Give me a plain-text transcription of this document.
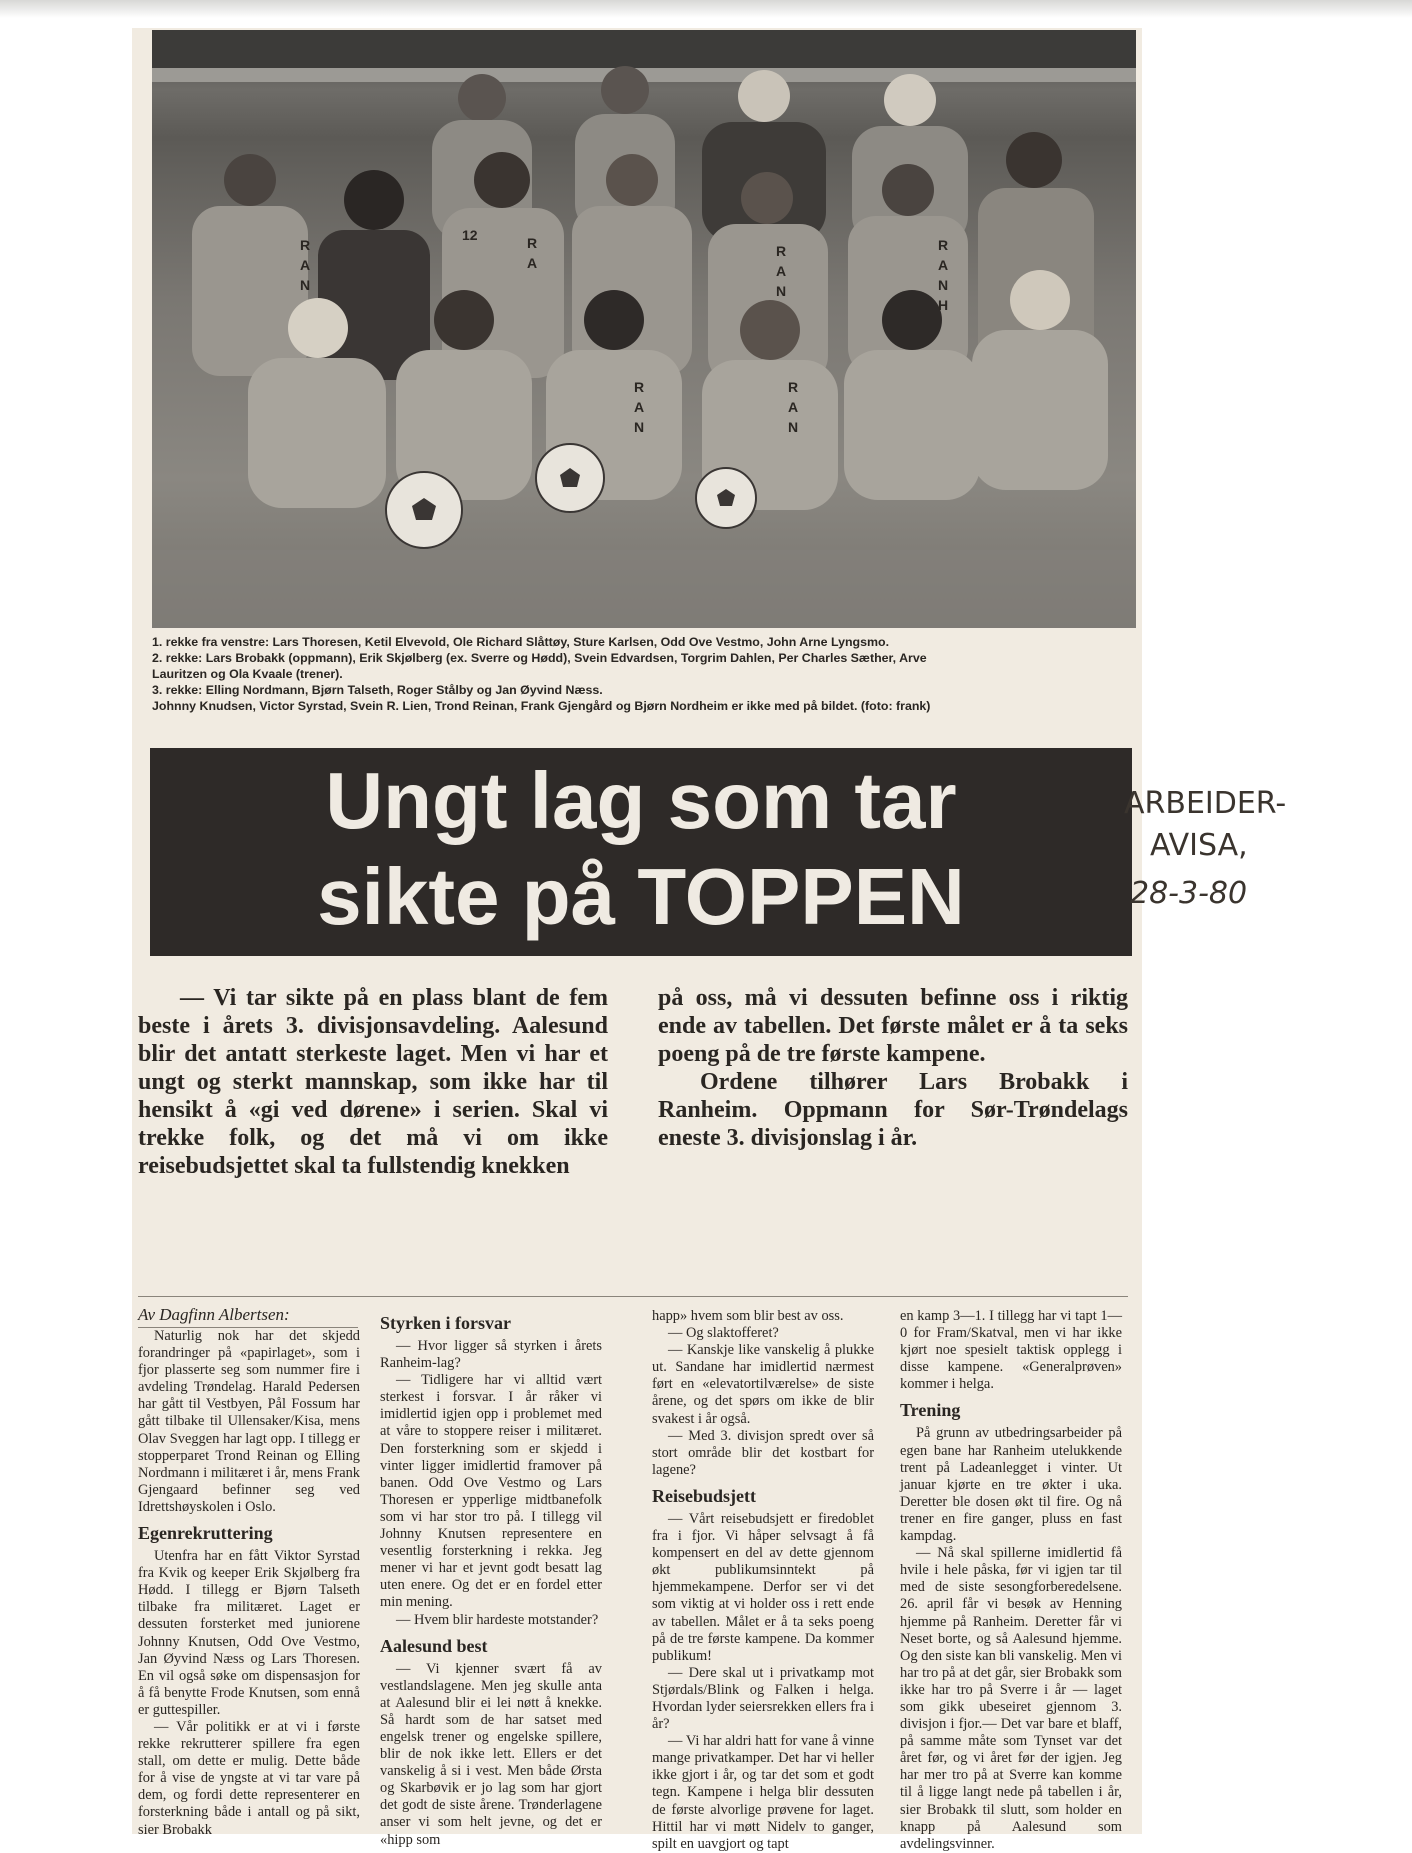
R
A
N
12	R
A
R
A
N
R
A
N
H
R
A
N
R
A
N
1. rekke fra venstre: Lars Thoresen, Ketil Elvevold, Ole Richard Slåttøy, Sture Karlsen, Odd Ove Vestmo, John Arne Lyngsmo.
2. rekke: Lars Brobakk (oppmann), Erik Skjølberg (ex. Sverre og Hødd), Svein Edvardsen, Torgrim Dahlen, Per Charles Sæther, Arve
Lauritzen og Ola Kvaale (trener).
3. rekke: Elling Nordmann, Bjørn Talseth, Roger Stålby og Jan Øyvind Næss.
Johnny Knudsen, Victor Syrstad, Svein R. Lien, Trond Reinan, Frank Gjengård og Bjørn Nordheim er ikke med på bildet. (foto: frank)
Ungt lag som tar
sikte på TOPPEN
ARBEIDER-
AVISA,
28-3-80

— Vi tar sikte på en plass blant de fem beste i årets 3. divisjonsavdeling. Aalesund blir det antatt sterkeste laget. Men vi har et ungt og sterkt mannskap, som ikke har til hensikt å «gi ved dørene» i serien. Skal vi trekke folk, og det må vi om ikke reisebudsjettet skal ta fullstendig knekken

på oss, må vi dessuten befinne oss i riktig ende av tabellen. Det første målet er å ta seks poeng på de tre første kampene.

Ordene tilhører Lars Brobakk i Ranheim. Oppmann for Sør-Trøndelags eneste 3. divisjonslag i år.

Av Dagfinn Albertsen:

Naturlig nok har det skjedd forandringer på «papirlaget», som i fjor plasserte seg som nummer fire i avdeling Trøndelag. Harald Pedersen har gått til Vestbyen, Pål Fossum har gått tilbake til Ullensaker/Kisa, mens Olav Sveggen har lagt opp. I tillegg er stopperparet Trond Reinan og Elling Nordmann i militæret i år, mens Frank Gjengaard befinner seg ved Idrettshøyskolen i Oslo.

Egenrekruttering

Utenfra har en fått Viktor Syrstad fra Kvik og keeper Erik Skjølberg fra Hødd. I tillegg er Bjørn Talseth tilbake fra militæret. Laget er dessuten forsterket med juniorene Johnny Knutsen, Odd Ove Vestmo, Jan Øyvind Næss og Lars Thoresen. En vil også søke om dispensasjon for å få benytte Frode Knutsen, som ennå er guttespiller.

— Vår politikk er at vi i første rekke rekrutterer spillere fra egen stall, om dette er mulig. Dette både for å vise de yngste at vi tar vare på dem, og fordi dette representerer en forsterkning både i antall og på sikt, sier Brobakk

Styrken i forsvar

— Hvor ligger så styrken i årets Ranheim-lag?

— Tidligere har vi alltid vært sterkest i forsvar. I år råker vi imidlertid igjen opp i problemet med at våre to stoppere reiser i militæret. Den forsterkning som er skjedd i vinter ligger imidlertid framover på banen. Odd Ove Vestmo og Lars Thoresen er ypperlige midtbanefolk som vi har stor tro på. I tillegg vil Johnny Knutsen representere en vesentlig forsterkning i rekka. Jeg mener vi har et jevnt godt besatt lag uten enere. Og det er en fordel etter min mening.

— Hvem blir hardeste motstander?

Aalesund best

— Vi kjenner svært få av vestlandslagene. Men jeg skulle anta at Aalesund blir ei lei nøtt å knekke. Så hardt som de har satset med engelsk trener og engelske spillere, blir de nok ikke lett. Ellers er det vanskelig å si i vest. Men både Ørsta og Skarbøvik er jo lag som har gjort det godt de siste årene. Trønderlagene anser vi som helt jevne, og det er «hipp som

happ» hvem som blir best av oss.

— Og slaktofferet?

— Kanskje like vanskelig å plukke ut. Sandane har imidlertid nærmest ført en «elevatortilværelse» de siste årene, og det spørs om ikke de blir svakest i år også.

— Med 3. divisjon spredt over så stort område blir det kostbart for lagene?

Reisebudsjett

— Vårt reisebudsjett er firedoblet fra i fjor. Vi håper selvsagt å få kompensert en del av dette gjennom økt publikumsinntekt på hjemmekampene. Derfor ser vi det som viktig at vi holder oss i rett ende av tabellen. Målet er å ta seks poeng på de tre første kampene. Da kommer publikum!

— Dere skal ut i privatkamp mot Stjørdals/Blink og Falken i helga. Hvordan lyder seiersrekken ellers fra i år?

— Vi har aldri hatt for vane å vinne mange privatkamper. Det har vi heller ikke gjort i år, og tar det som et godt tegn. Kampene i helga blir dessuten de første alvorlige prøvene for laget. Hittil har vi møtt Nidelv to ganger, spilt en uavgjort og tapt

en kamp 3—1. I tillegg har vi tapt 1—0 for Fram/Skatval, men vi har ikke kjørt noe spesielt taktisk opplegg i disse kampene. «Generalprøven» kommer i helga.

Trening

På grunn av utbedringsarbeider på egen bane har Ranheim utelukkende trent på Ladeanlegget i vinter. Ut januar kjørte en tre økter i uka. Deretter ble dosen økt til fire. Og nå trener en fire ganger, pluss en fast kampdag.

— Nå skal spillerne imidlertid få hvile i hele påska, før vi igjen tar til med de siste sesongforberedelsene. 26. april får vi besøk av Henning hjemme på Ranheim. Deretter får vi Neset borte, og så Aalesund hjemme. Og den siste kan bli vanskelig. Men vi har tro på at det går, sier Brobakk som ikke har tro på Sverre i år — laget som gikk ubeseiret gjennom 3. divisjon i fjor.— Det var bare et blaff, på samme måte som Tynset var det året før, og vi året før der igjen. Jeg har mer tro på at Sverre kan komme til å ligge langt nede på tabellen i år, sier Brobakk til slutt, som holder en knapp på Aalesund som avdelingsvinner.
